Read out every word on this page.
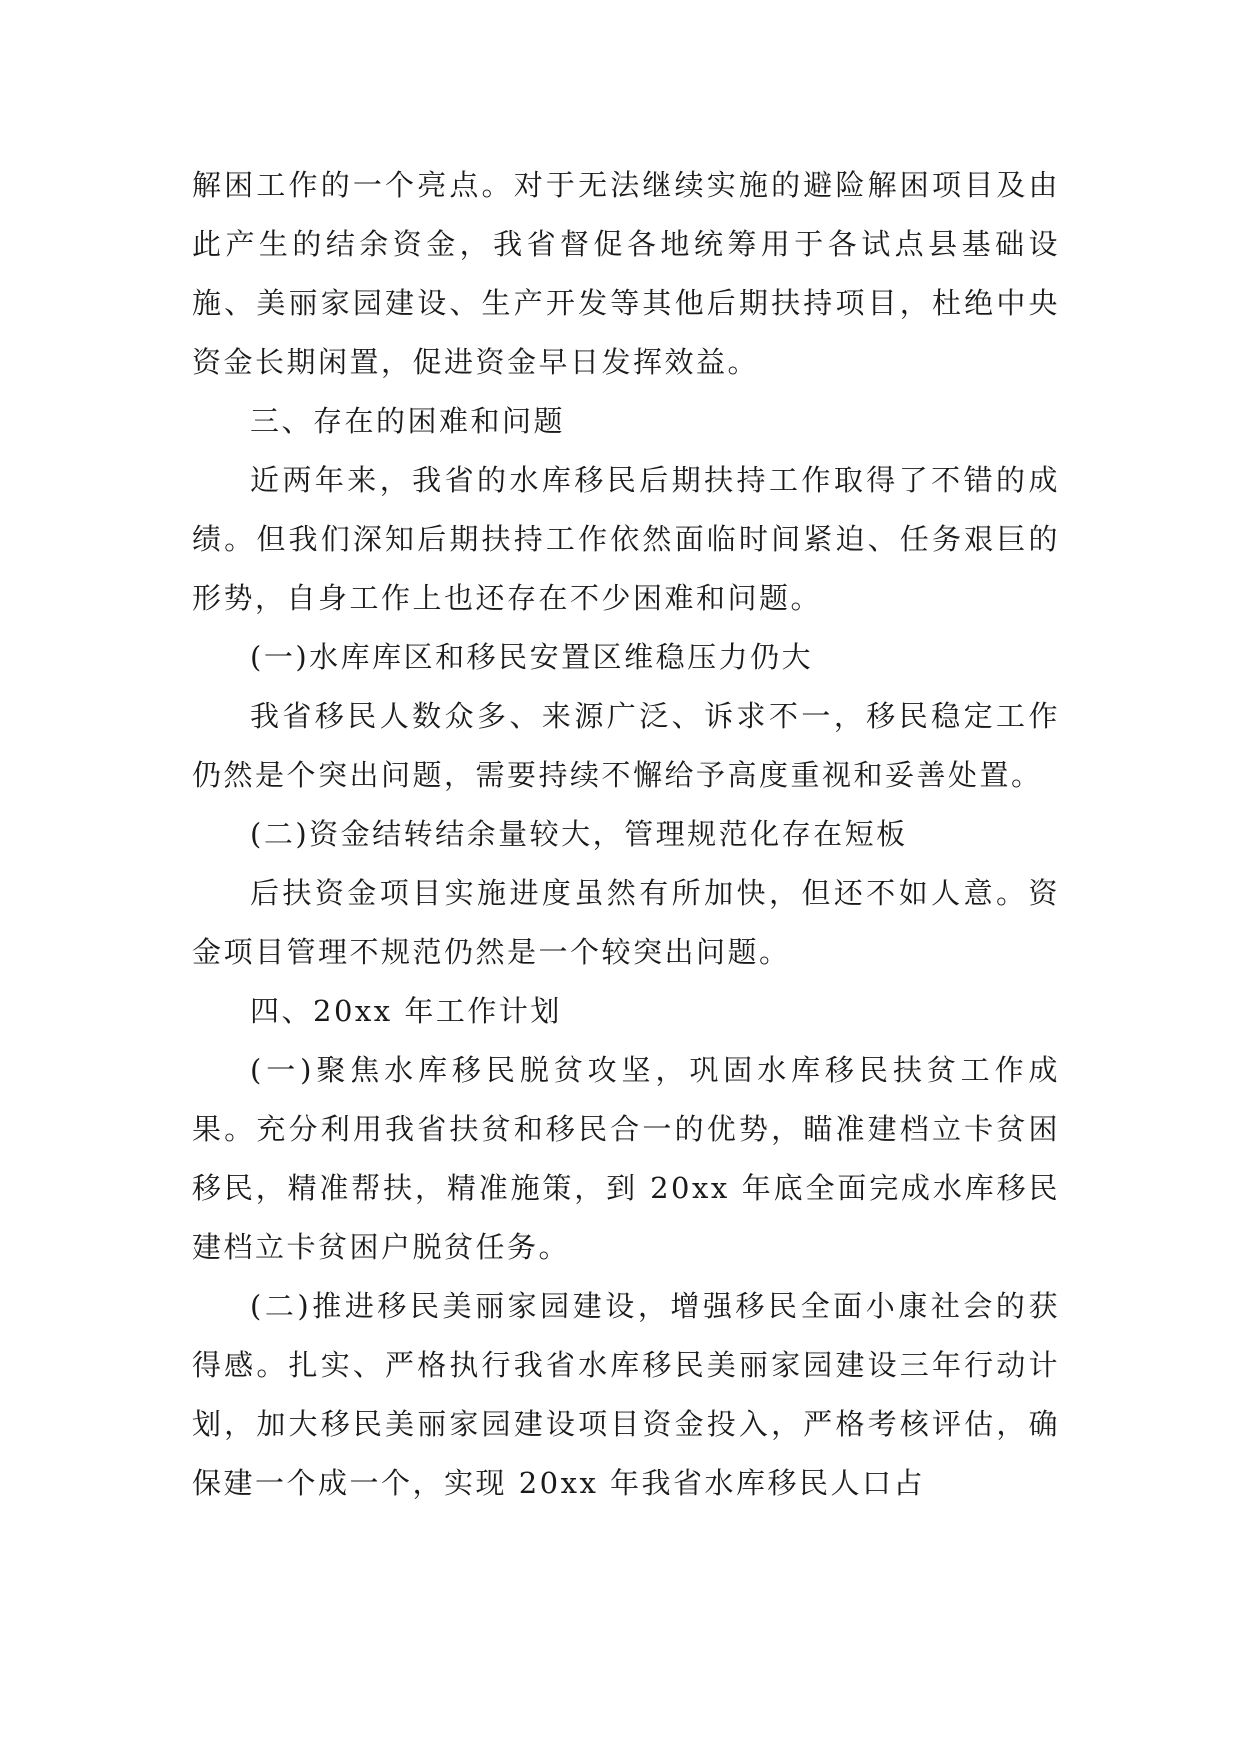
解困工作的一个亮点。对于无法继续实施的避险解困项目及由此产生的结余资金，我省督促各地统筹用于各试点县基础设施、美丽家园建设、生产开发等其他后期扶持项目，杜绝中央资金长期闲置，促进资金早日发挥效益。

三、存在的困难和问题

近两年来，我省的水库移民后期扶持工作取得了不错的成绩。但我们深知后期扶持工作依然面临时间紧迫、任务艰巨的形势，自身工作上也还存在不少困难和问题。

(一)水库库区和移民安置区维稳压力仍大

我省移民人数众多、来源广泛、诉求不一，移民稳定工作仍然是个突出问题，需要持续不懈给予高度重视和妥善处置。

(二)资金结转结余量较大，管理规范化存在短板

后扶资金项目实施进度虽然有所加快，但还不如人意。资金项目管理不规范仍然是一个较突出问题。

四、20xx 年工作计划

(一)聚焦水库移民脱贫攻坚，巩固水库移民扶贫工作成果。充分利用我省扶贫和移民合一的优势，瞄准建档立卡贫困移民，精准帮扶，精准施策，到 20xx 年底全面完成水库移民建档立卡贫困户脱贫任务。

(二)推进移民美丽家园建设，增强移民全面小康社会的获得感。扎实、严格执行我省水库移民美丽家园建设三年行动计划，加大移民美丽家园建设项目资金投入，严格考核评估，确保建一个成一个，实现 20xx 年我省水库移民人口占
